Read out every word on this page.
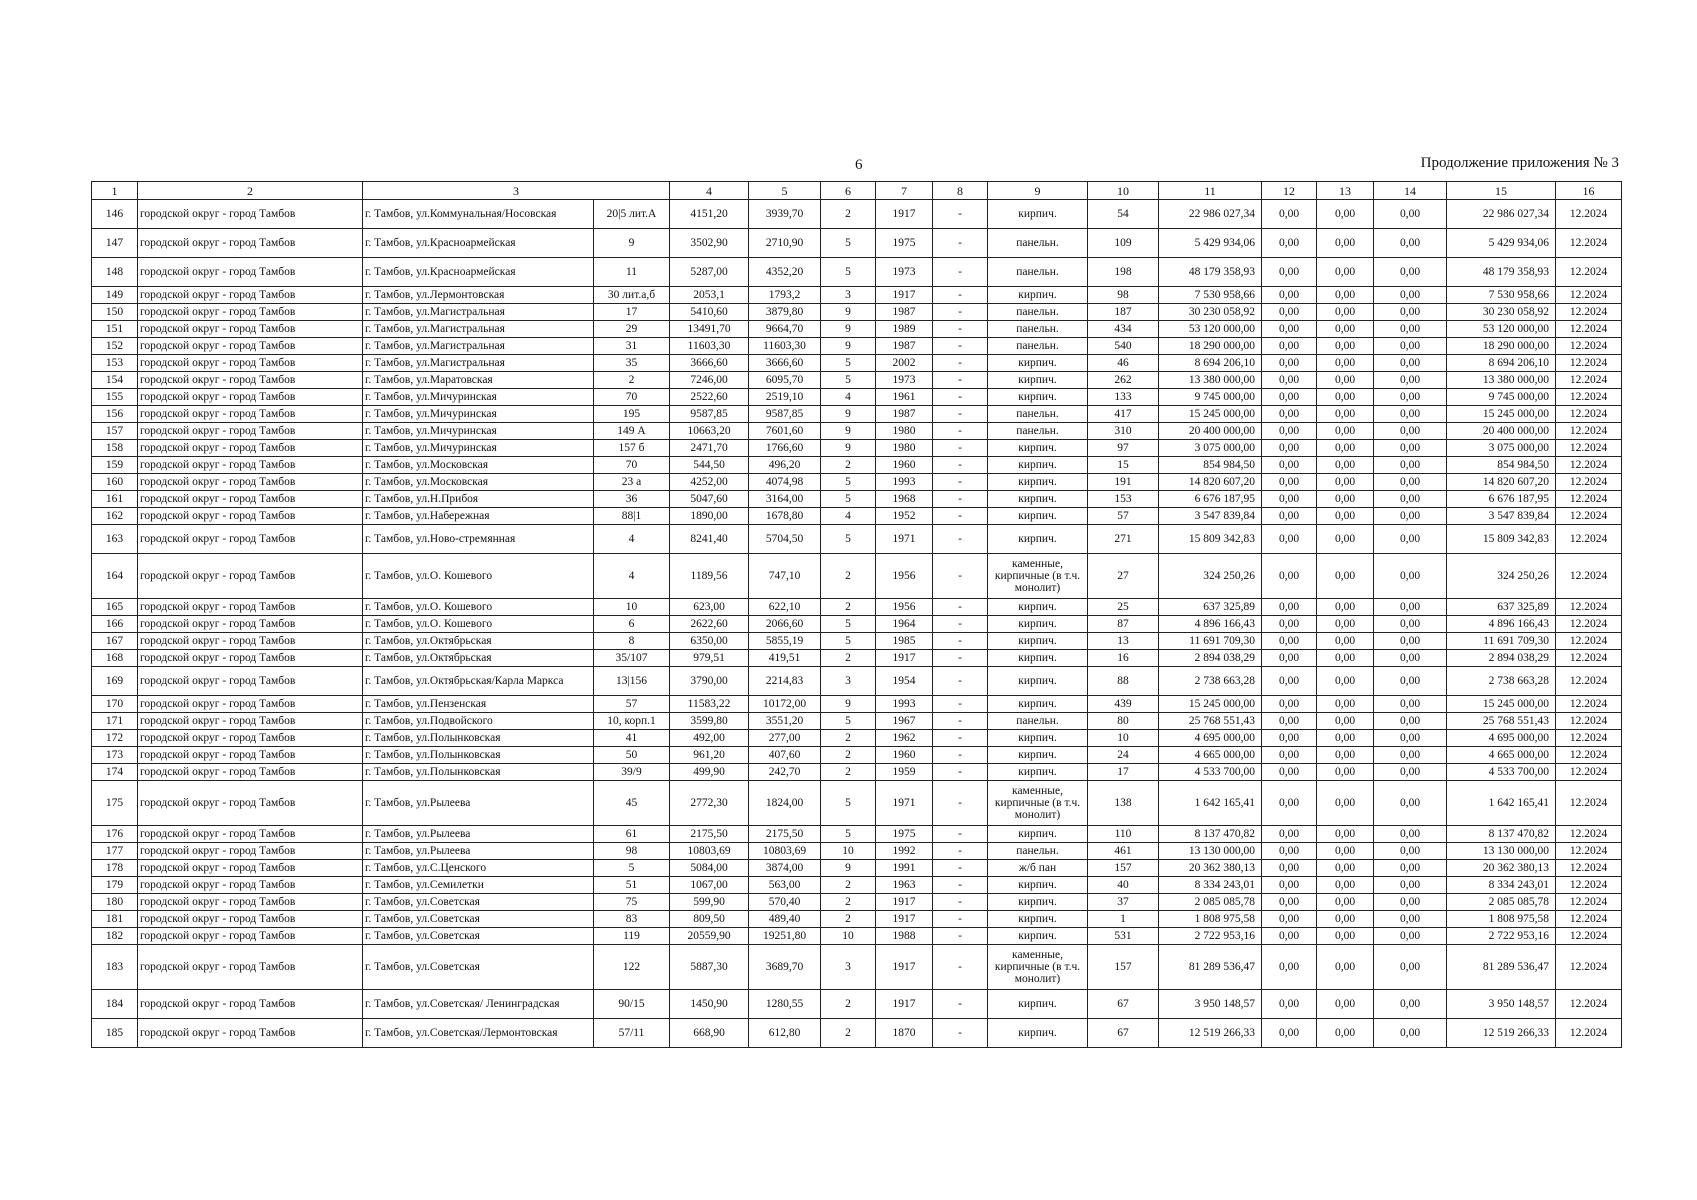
6	Продолжение приложения № 3
1	2	3		4	5	6	7	8	9	10	11	12	13	14	15	16
146	городской округ - город Тамбов	г. Тамбов, ул.Коммунальная/Носовская	20|5 лит.А	4151,20	3939,70	2	1917	-	кирпич.	54	22 986 027,34	0,00	0,00	0,00	22 986 027,34	12.2024
147	городской округ - город Тамбов	г. Тамбов, ул.Красноармейская	9	3502,90	2710,90	5	1975	-	панельн.	109	5 429 934,06	0,00	0,00	0,00	5 429 934,06	12.2024
148	городской округ - город Тамбов	г. Тамбов, ул.Красноармейская	11	5287,00	4352,20	5	1973	-	панельн.	198	48 179 358,93	0,00	0,00	0,00	48 179 358,93	12.2024
149	городской округ - город Тамбов	г. Тамбов, ул.Лермонтовская	30 лит.а,б	2053,1	1793,2	3	1917	-	кирпич.	98	7 530 958,66	0,00	0,00	0,00	7 530 958,66	12.2024
150	городской округ - город Тамбов	г. Тамбов, ул.Магистральная	17	5410,60	3879,80	9	1987	-	панельн.	187	30 230 058,92	0,00	0,00	0,00	30 230 058,92	12.2024
151	городской округ - город Тамбов	г. Тамбов, ул.Магистральная	29	13491,70	9664,70	9	1989	-	панельн.	434	53 120 000,00	0,00	0,00	0,00	53 120 000,00	12.2024
152	городской округ - город Тамбов	г. Тамбов, ул.Магистральная	31	11603,30	11603,30	9	1987	-	панельн.	540	18 290 000,00	0,00	0,00	0,00	18 290 000,00	12.2024
153	городской округ - город Тамбов	г. Тамбов, ул.Магистральная	35	3666,60	3666,60	5	2002	-	кирпич.	46	8 694 206,10	0,00	0,00	0,00	8 694 206,10	12.2024
154	городской округ - город Тамбов	г. Тамбов, ул.Маратовская	2	7246,00	6095,70	5	1973	-	кирпич.	262	13 380 000,00	0,00	0,00	0,00	13 380 000,00	12.2024
155	городской округ - город Тамбов	г. Тамбов, ул.Мичуринская	70	2522,60	2519,10	4	1961	-	кирпич.	133	9 745 000,00	0,00	0,00	0,00	9 745 000,00	12.2024
156	городской округ - город Тамбов	г. Тамбов, ул.Мичуринская	195	9587,85	9587,85	9	1987	-	панельн.	417	15 245 000,00	0,00	0,00	0,00	15 245 000,00	12.2024
157	городской округ - город Тамбов	г. Тамбов, ул.Мичуринская	149 А	10663,20	7601,60	9	1980	-	панельн.	310	20 400 000,00	0,00	0,00	0,00	20 400 000,00	12.2024
158	городской округ - город Тамбов	г. Тамбов, ул.Мичуринская	157 б	2471,70	1766,60	9	1980	-	кирпич.	97	3 075 000,00	0,00	0,00	0,00	3 075 000,00	12.2024
159	городской округ - город Тамбов	г. Тамбов, ул.Московская	70	544,50	496,20	2	1960	-	кирпич.	15	854 984,50	0,00	0,00	0,00	854 984,50	12.2024
160	городской округ - город Тамбов	г. Тамбов, ул.Московская	23 а	4252,00	4074,98	5	1993	-	кирпич.	191	14 820 607,20	0,00	0,00	0,00	14 820 607,20	12.2024
161	городской округ - город Тамбов	г. Тамбов, ул.Н.Прибоя	36	5047,60	3164,00	5	1968	-	кирпич.	153	6 676 187,95	0,00	0,00	0,00	6 676 187,95	12.2024
162	городской округ - город Тамбов	г. Тамбов, ул.Набережная	88|1	1890,00	1678,80	4	1952	-	кирпич.	57	3 547 839,84	0,00	0,00	0,00	3 547 839,84	12.2024
163	городской округ - город Тамбов	г. Тамбов, ул.Ново-стремянная	4	8241,40	5704,50	5	1971	-	кирпич.	271	15 809 342,83	0,00	0,00	0,00	15 809 342,83	12.2024
164	городской округ - город Тамбов	г. Тамбов, ул.О. Кошевого	4	1189,56	747,10	2	1956	-	каменные, кирпичные (в т.ч. монолит)	27	324 250,26	0,00	0,00	0,00	324 250,26	12.2024
165	городской округ - город Тамбов	г. Тамбов, ул.О. Кошевого	10	623,00	622,10	2	1956	-	кирпич.	25	637 325,89	0,00	0,00	0,00	637 325,89	12.2024
166	городской округ - город Тамбов	г. Тамбов, ул.О. Кошевого	6	2622,60	2066,60	5	1964	-	кирпич.	87	4 896 166,43	0,00	0,00	0,00	4 896 166,43	12.2024
167	городской округ - город Тамбов	г. Тамбов, ул.Октябрьская	8	6350,00	5855,19	5	1985	-	кирпич.	13	11 691 709,30	0,00	0,00	0,00	11 691 709,30	12.2024
168	городской округ - город Тамбов	г. Тамбов, ул.Октябрьская	35/107	979,51	419,51	2	1917	-	кирпич.	16	2 894 038,29	0,00	0,00	0,00	2 894 038,29	12.2024
169	городской округ - город Тамбов	г. Тамбов, ул.Октябрьская/Карла Маркса	13|156	3790,00	2214,83	3	1954	-	кирпич.	88	2 738 663,28	0,00	0,00	0,00	2 738 663,28	12.2024
170	городской округ - город Тамбов	г. Тамбов, ул.Пензенская	57	11583,22	10172,00	9	1993	-	кирпич.	439	15 245 000,00	0,00	0,00	0,00	15 245 000,00	12.2024
171	городской округ - город Тамбов	г. Тамбов, ул.Подвойского	10, корп.1	3599,80	3551,20	5	1967	-	панельн.	80	25 768 551,43	0,00	0,00	0,00	25 768 551,43	12.2024
172	городской округ - город Тамбов	г. Тамбов, ул.Полынковская	41	492,00	277,00	2	1962	-	кирпич.	10	4 695 000,00	0,00	0,00	0,00	4 695 000,00	12.2024
173	городской округ - город Тамбов	г. Тамбов, ул.Полынковская	50	961,20	407,60	2	1960	-	кирпич.	24	4 665 000,00	0,00	0,00	0,00	4 665 000,00	12.2024
174	городской округ - город Тамбов	г. Тамбов, ул.Полынковская	39/9	499,90	242,70	2	1959	-	кирпич.	17	4 533 700,00	0,00	0,00	0,00	4 533 700,00	12.2024
175	городской округ - город Тамбов	г. Тамбов, ул.Рылеева	45	2772,30	1824,00	5	1971	-	каменные, кирпичные (в т.ч. монолит)	138	1 642 165,41	0,00	0,00	0,00	1 642 165,41	12.2024
176	городской округ - город Тамбов	г. Тамбов, ул.Рылеева	61	2175,50	2175,50	5	1975	-	кирпич.	110	8 137 470,82	0,00	0,00	0,00	8 137 470,82	12.2024
177	городской округ - город Тамбов	г. Тамбов, ул.Рылеева	98	10803,69	10803,69	10	1992	-	панельн.	461	13 130 000,00	0,00	0,00	0,00	13 130 000,00	12.2024
178	городской округ - город Тамбов	г. Тамбов, ул.С.Ценского	5	5084,00	3874,00	9	1991	-	ж/б пан	157	20 362 380,13	0,00	0,00	0,00	20 362 380,13	12.2024
179	городской округ - город Тамбов	г. Тамбов, ул.Семилетки	51	1067,00	563,00	2	1963	-	кирпич.	40	8 334 243,01	0,00	0,00	0,00	8 334 243,01	12.2024
180	городской округ - город Тамбов	г. Тамбов, ул.Советская	75	599,90	570,40	2	1917	-	кирпич.	37	2 085 085,78	0,00	0,00	0,00	2 085 085,78	12.2024
181	городской округ - город Тамбов	г. Тамбов, ул.Советская	83	809,50	489,40	2	1917	-	кирпич.	1	1 808 975,58	0,00	0,00	0,00	1 808 975,58	12.2024
182	городской округ - город Тамбов	г. Тамбов, ул.Советская	119	20559,90	19251,80	10	1988	-	кирпич.	531	2 722 953,16	0,00	0,00	0,00	2 722 953,16	12.2024
183	городской округ - город Тамбов	г. Тамбов, ул.Советская	122	5887,30	3689,70	3	1917	-	каменные, кирпичные (в т.ч. монолит)	157	81 289 536,47	0,00	0,00	0,00	81 289 536,47	12.2024
184	городской округ - город Тамбов	г. Тамбов, ул.Советская/ Ленинградская	90/15	1450,90	1280,55	2	1917	-	кирпич.	67	3 950 148,57	0,00	0,00	0,00	3 950 148,57	12.2024
185	городской округ - город Тамбов	г. Тамбов, ул.Советская/Лермонтовская	57/11	668,90	612,80	2	1870	-	кирпич.	67	12 519 266,33	0,00	0,00	0,00	12 519 266,33	12.2024
